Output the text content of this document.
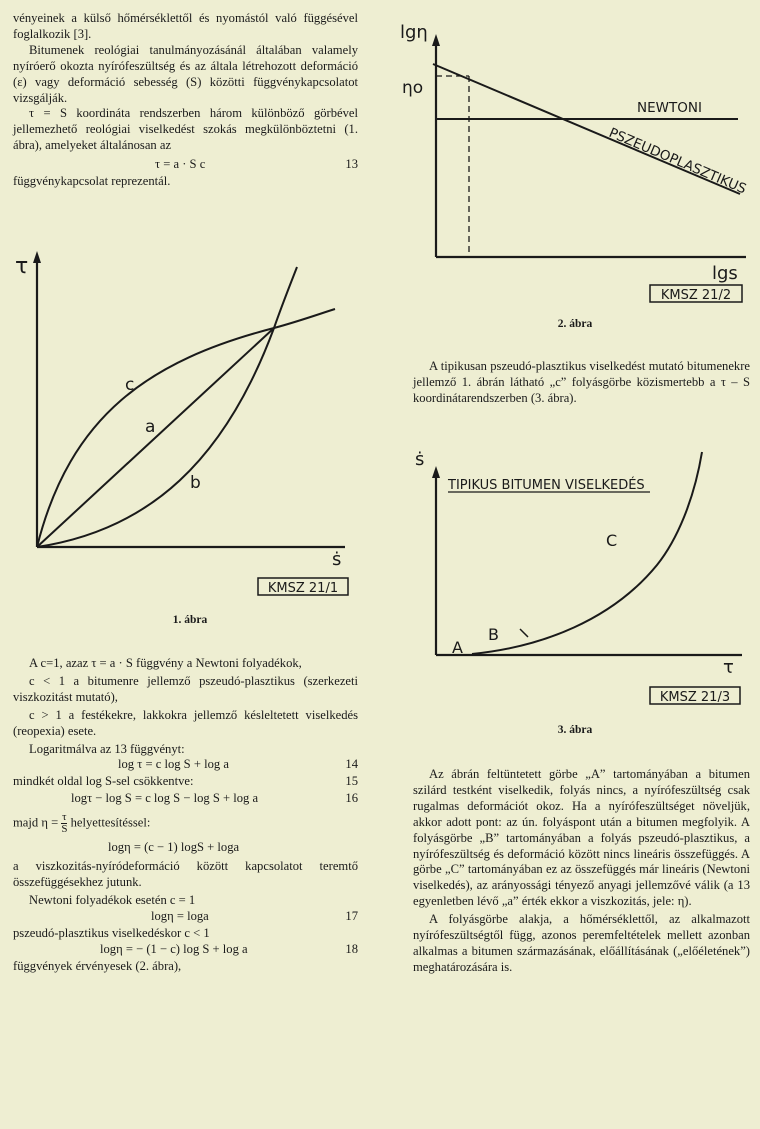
vényeinek a külső hőmérséklettől és nyomástól való függésével foglalkozik [3].

Bitumenek reológiai tanulmányozásánál általában valamely nyíróerő okozta nyírófeszültség és az általa létrehozott deformáció (ε) vagy deformáció sebesség (S) közötti függvénykapcsolatot vizsgálják.

τ = S koordináta rendszerben három különböző görbével jellemezhető reológiai viselkedést szokás megkülönböztetni (1. ábra), amelyeket általánosan az

τ = a · S c	13

függvénykapcsolat reprezentál.

τ
ṡ
c
a
b
KMSZ 21/1
1. ábra

A c=1, azaz τ = a · S függvény a Newtoni folyadékok,

c < 1 a bitumenre jellemző pszeudó-plasztikus (szerkezeti viszkozitást mutató),

c > 1 a festékekre, lakkokra jellemző késleltetett viselkedés (reopexia) esete.

Logaritmálva az 13 függvényt:

log τ = c log S + log a	14
mindkét oldal log S-sel csökkentve:	15
logτ − log S = c log S − log S + log a	16
majd $\eta = \frac{\tau}{S}$ helyettesítéssel:
logη = (c − 1) logS + loga

a viszkozitás-nyíródeformáció között kapcsolatot teremtő összefüggésekhez jutunk.

Newtoni folyadékok esetén c = 1

logη = loga	17

pszeudó-plasztikus viselkedéskor c < 1

logη = − (1 − c) log S + log a	18

függvények érvényesek (2. ábra),

lgη
ηo
NEWTONI
PSZEUDOPLASZTIKUS
lgs
KMSZ 21/2
2. ábra

A tipikusan pszeudó-plasztikus viselkedést mutató bitumenekre jellemző 1. ábrán látható „c” folyásgörbe közismertebb a τ – S koordinátarendszerben (3. ábra).

ṡ
TIPIKUS BITUMEN VISELKEDÉS
A
B
C
τ
KMSZ 21/3
3. ábra

Az ábrán feltüntetett görbe „A” tartományában a bitumen szilárd testként viselkedik, folyás nincs, a nyírófeszültség csak rugalmas deformációt okoz. Ha a nyírófeszültséget növeljük, akkor adott pont: az ún. folyáspont után a bitumen megfolyik. A folyásgörbe „B” tartományában a folyás pszeudó-plasztikus, a nyírófeszültség és deformáció között nincs lineáris összefüggés. A görbe „C” tartományában ez az összefüggés már lineáris (Newtoni viselkedés), az arányossági tényező anyagi jellemzővé válik (a 13 egyenletben lévő „a” érték ekkor a viszkozitás, jele: η).

A folyásgörbe alakja, a hőmérséklettől, az alkalmazott nyírófeszültségtől függ, azonos peremfeltételek mellett azonban alkalmas a bitumen származásának, előállításának („előéletének”) meghatározására is.
